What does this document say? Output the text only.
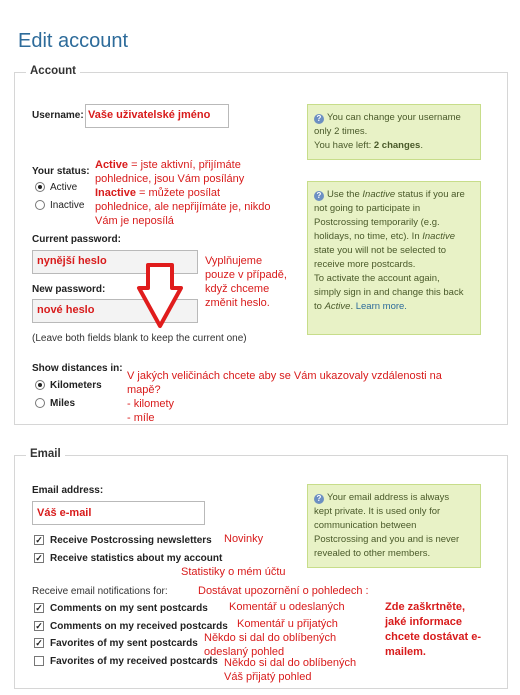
Edit account
Account
Username: Vaše uživatelské jméno	? You can change your username
only 2 times.
You have left: 2 changes.
Your status:
Active
Inactive
Active = jste aktivní, přijímáte
pohlednice, jsou Vám posílány
Inactive = můžete posílat
pohlednice, ale nepřijímáte je, nikdo
Vám je neposílá
? Use the Inactive status if you are
not going to participate in
Postcrossing temporarily (e.g.
holidays, no time, etc). In Inactive
state you will not be selected to
receive more postcards.
To activate the account again,
simply sign in and change this back
to Active. Learn more.
Current password:
nynější heslo
New password:
nové heslo
Vyplňujeme
pouze v případě,
když chceme
změnit heslo.
(Leave both fields blank to keep the current one)
Show distances in:
Kilometers
Miles
V jakých veličinách chcete aby se Vám ukazovaly vzdálenosti na
mapě?
- kilomety
- míle
Email
Email address:
Váš e-mail
? Your email address is always
kept private. It is used only for
communication between
Postcrossing and you and is never
revealed to other members.
✓ Receive Postcrossing newsletters Novinky
✓ Receive statistics about my account
Statistiky o mém účtu
Receive email notifications for:	Dostávat upozornění o pohledech :
✓ Comments on my sent postcards Komentář u odeslaných
✓ Comments on my received postcards Komentář u přijatých
✓ Favorites of my sent postcards Někdo si dal do oblíbených
odeslaný pohled
Favorites of my received postcards Někdo si dal do oblíbených
Váš přijatý pohled
Zde zaškrtněte,
jaké informace
chcete dostávat e-
mailem.
